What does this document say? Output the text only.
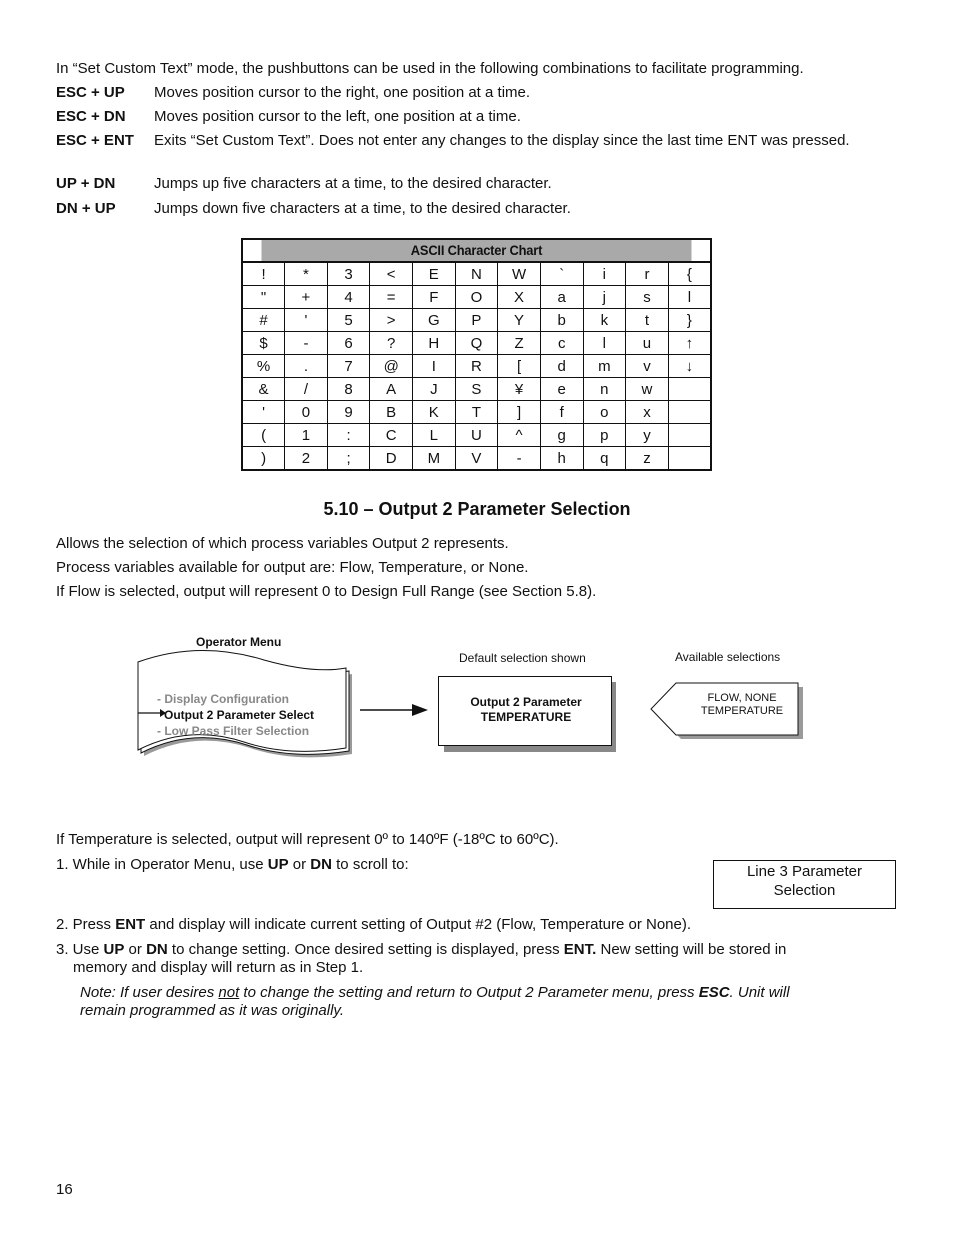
In “Set Custom Text” mode, the pushbuttons can be used in the following combinations to facilitate programming.
ESC + UP Moves position cursor to the right, one position at a time.
ESC + DN Moves position cursor to the left, one position at a time.
ESC + ENT Exits “Set Custom Text”. Does not enter any changes to the display since the last time ENT was pressed.
UP + DN	Jumps up five characters at a time, to the desired character.
DN + UP	Jumps down five characters at a time, to the desired character.
ASCII Character Chart										
!	*	3	<	E	N	W	`	i	r	{
"	+	4	=	F	O	X	a	j	s	l
#	'	5	>	G	P	Y	b	k	t	}
$	-	6	?	H	Q	Z	c	l	u	↑
%	.	7	@	I	R	[	d	m	v	↓
&	/	8	A	J	S	¥	e	n	w	
'	0	9	B	K	T	]	f	o	x	
(	1	:	C	L	U	^	g	p	y	
)	2	;	D	M	V	-	h	q	z	
5.10 – Output 2 Parameter Selection
Allows the selection of which process variables Output 2 represents.
Process variables available for output are: Flow, Temperature, or None.
If Flow is selected, output will represent 0 to Design Full Range (see Section 5.8).
Operator Menu
- Display Configuration
Output 2 Parameter Select
- Low Pass Filter Selection
Default selection shown
Output 2 Parameter
TEMPERATURE
Available selections
FLOW, NONE
TEMPERATURE
If Temperature is selected, output will represent 0º to 140ºF (-18ºC to 60ºC).
1. While in Operator Menu, use UP or DN to scroll to:	Line 3 Parameter
Selection
2. Press ENT and display will indicate current setting of Output #2 (Flow, Temperature or None).
3. Use UP or DN to change setting. Once desired setting is displayed, press ENT. New setting will be stored in
memory and display will return as in Step 1.
Note: If user desires not to change the setting and return to Output 2 Parameter menu, press ESC. Unit will
remain programmed as it was originally.
16
